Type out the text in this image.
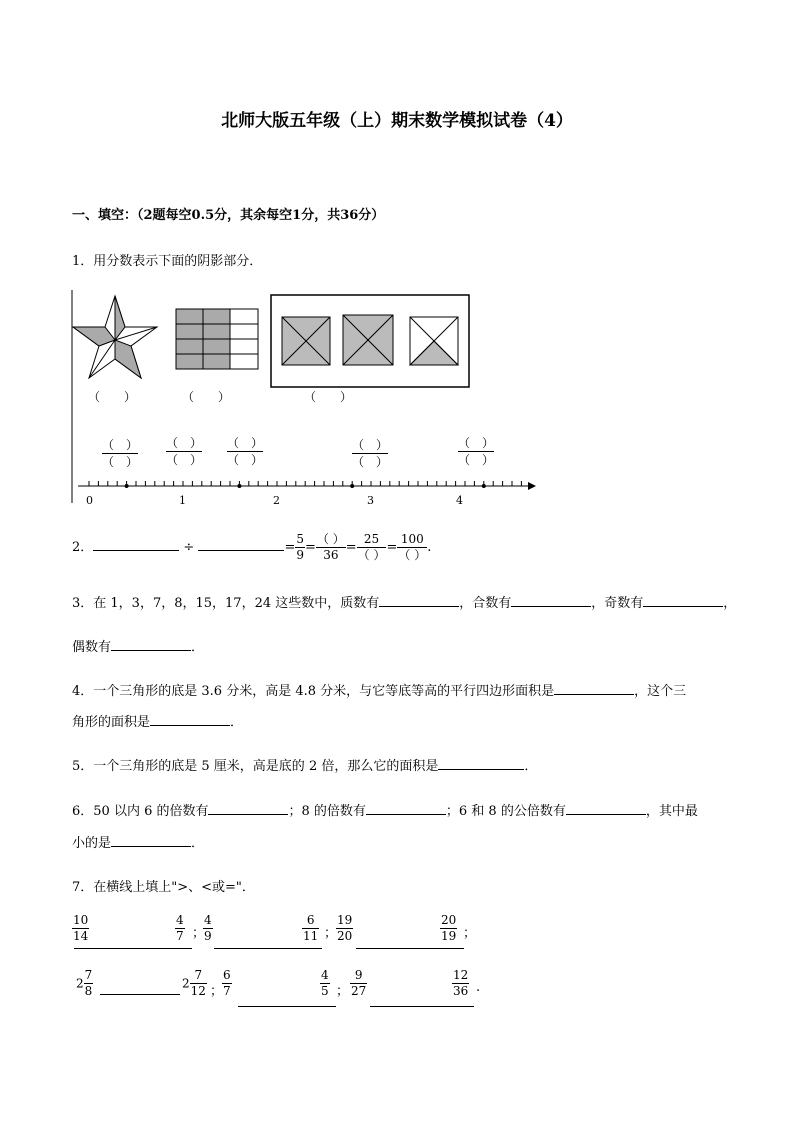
北师大版五年级（上）期末数学模拟试卷（4）
一、填空：（2题每空0.5分，其余每空1分，共36分）
1．用分数表示下面的阴影部分．
（　　）	（　　）	（　　）
（　）
（　）
（　）
（　）
（　）
（　）
（　）
（　）
（　）
（　）
0	1	2	3	4
2．	÷	= $\frac{5}{9} = \frac{( )}{36} = \frac{25}{( )} = \frac{100}{( )}$ .
3．在 1，3，7，8，15，17，24 这些数中，质数有	，合数有	，奇数有	，
偶数有	．
4．一个三角形的底是 3.6 分米，高是 4.8 分米，与它等底等高的平行四边形面积是	，这个三
角形的面积是	．
5．一个三角形的底是 5 厘米，高是底的 2 倍，那么它的面积是	．
6．50 以内 6 的倍数有	；8 的倍数有	；6 和 8 的公倍数有	，其中最
小的是	．
7．在横线上填上">、<或="．
$\frac{10}{14}$	$\frac{4}{7}$ ；
$\frac{4}{9}$	$\frac{6}{11}$ ；
$\frac{19}{20}$	$\frac{20}{19}$ ；
$2 \frac{7}{8}$	$2 \frac{7}{12}$ ；
$\frac{6}{7}$	$\frac{4}{5}$ ； $\frac{9}{27}$	$\frac{12}{36}$ .
